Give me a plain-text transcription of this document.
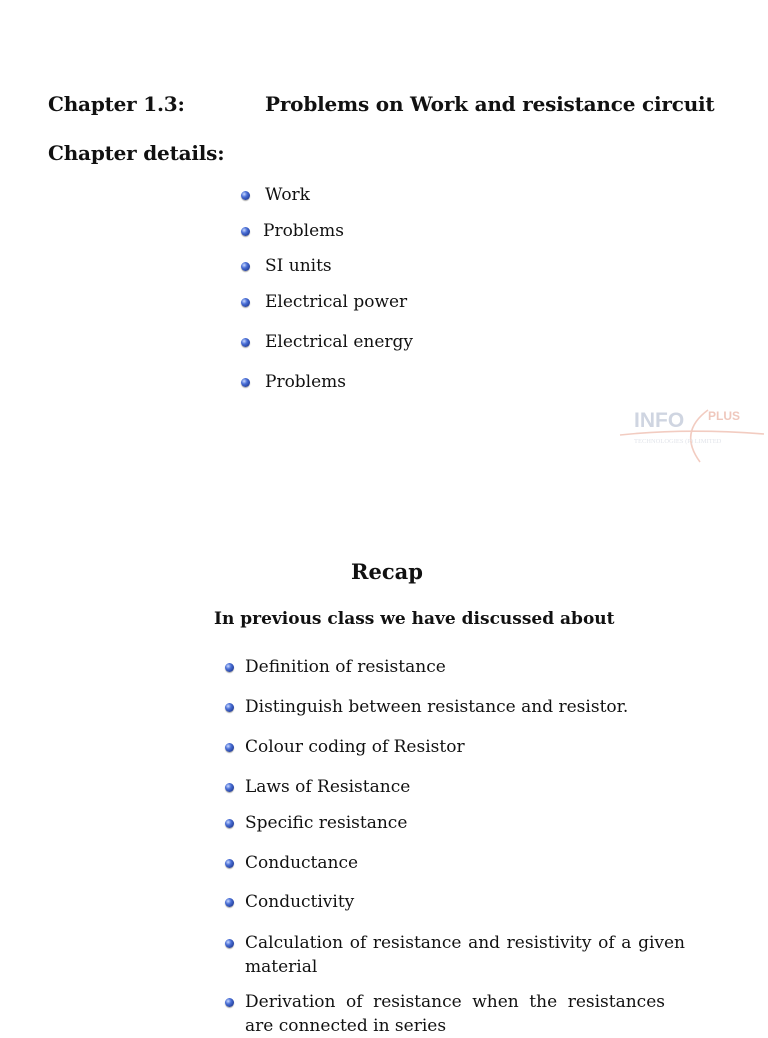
Chapter 1.3:	Problems on Work and resistance circuit
Chapter details:
Work
Problems
SI units
Electrical power
Electrical energy
Problems
INFO PLUS
TECHNOLOGIES (P) LIMITED
Recap
In previous class we have discussed about
Definition of resistance
Distinguish between resistance and resistor.
Colour coding of Resistor
Laws of Resistance
Specific resistance
Conductance
Conductivity
Calculation of resistance and resistivity of a given material
Derivation of resistance when the resistances are connected in series
